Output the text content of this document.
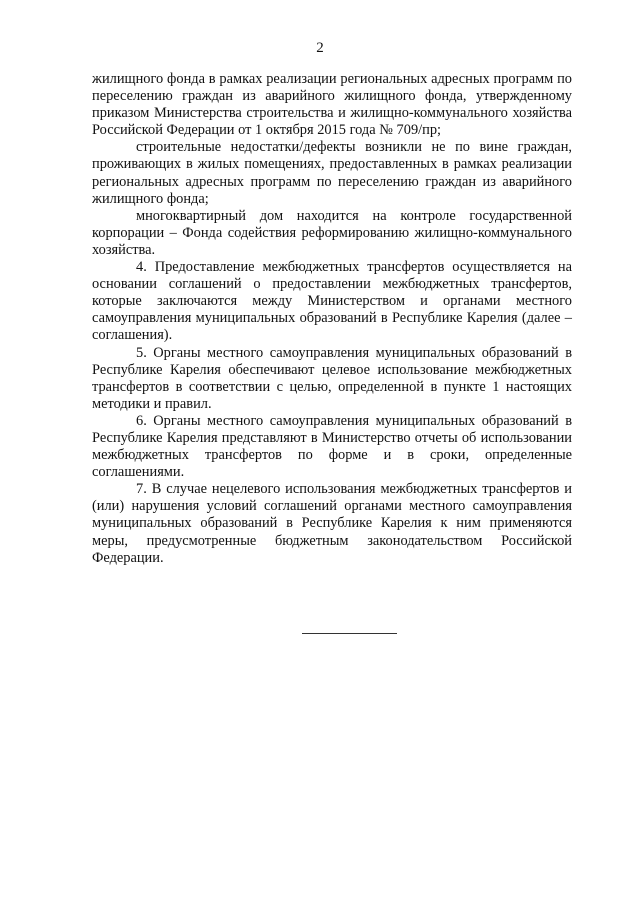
2

жилищного фонда в рамках реализации региональных адресных программ по переселению граждан из аварийного жилищного фонда, утвержденному приказом Министерства строительства и жилищно-коммунального хозяйства Российской Федерации от 1 октября 2015 года № 709/пр;

строительные недостатки/дефекты возникли не по вине граждан, проживающих в жилых помещениях, предоставленных в рамках реализации региональных адресных программ по переселению граждан из аварийного жилищного фонда;

многоквартирный дом находится на контроле государственной корпорации – Фонда содействия реформированию жилищно-коммунального хозяйства.

4. Предоставление межбюджетных трансфертов осуществляется на основании соглашений о предоставлении межбюджетных трансфертов, которые заключаются между Министерством и органами местного самоуправления муниципальных образований в Республике Карелия (далее – соглашения).

5. Органы местного самоуправления муниципальных образований в Республике Карелия обеспечивают целевое использование межбюджетных трансфертов в соответствии с целью, определенной в пункте 1 настоящих методики и правил.

6. Органы местного самоуправления муниципальных образований в Республике Карелия представляют в Министерство отчеты об использовании межбюджетных трансфертов по форме и в сроки, определенные соглашениями.

7. В случае нецелевого использования межбюджетных трансфертов и (или) нарушения условий соглашений органами местного самоуправления муниципальных образований в Республике Карелия к ним применяются меры, предусмотренные бюджетным законодательством Российской Федерации.
